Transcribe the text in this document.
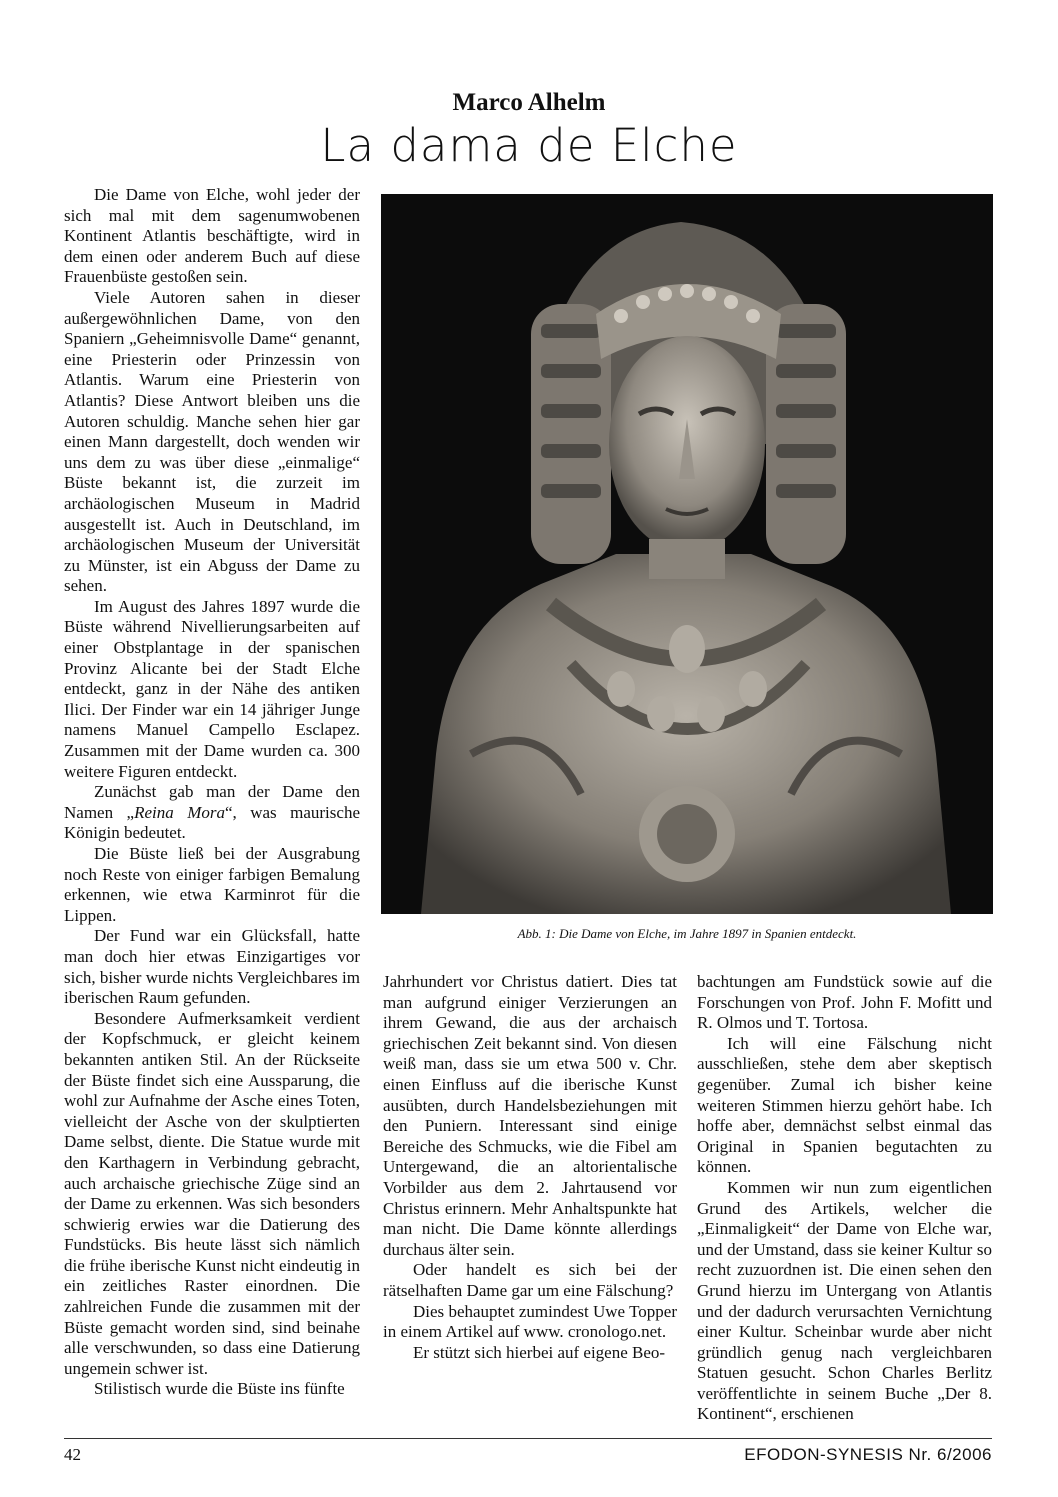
Marco Alhelm
La dama de Elche

Die Dame von Elche, wohl jeder der sich mal mit dem sagenumwobenen Kontinent Atlantis beschäftigte, wird in dem einen oder anderem Buch auf diese Frauenbüste gestoßen sein.

Viele Autoren sahen in dieser außergewöhnlichen Dame, von den Spaniern „Geheimnisvolle Dame“ genannt, eine Priesterin oder Prinzessin von Atlantis. Warum eine Priesterin von Atlantis? Diese Antwort bleiben uns die Autoren schuldig. Manche sehen hier gar einen Mann dargestellt, doch wenden wir uns dem zu was über diese „einmalige“ Büste bekannt ist, die zurzeit im archäologischen Museum in Madrid ausgestellt ist. Auch in Deutschland, im archäologischen Museum der Universität zu Münster, ist ein Abguss der Dame zu sehen.

Im August des Jahres 1897 wurde die Büste während Nivellierungsarbeiten auf einer Obstplantage in der spanischen Provinz Alicante bei der Stadt Elche entdeckt, ganz in der Nähe des antiken Ilici. Der Finder war ein 14 jähriger Junge namens Manuel Campello Esclapez. Zusammen mit der Dame wurden ca. 300 weitere Figuren entdeckt.

Zunächst gab man der Dame den Namen „Reina Mora“, was maurische Königin bedeutet.

Die Büste ließ bei der Ausgrabung noch Reste von einiger farbigen Bemalung erkennen, wie etwa Karminrot für die Lippen.

Der Fund war ein Glücksfall, hatte man doch hier etwas Einzigartiges vor sich, bisher wurde nichts Vergleichbares im iberischen Raum gefunden.

Besondere Aufmerksamkeit verdient der Kopfschmuck, er gleicht keinem bekannten antiken Stil. An der Rückseite der Büste findet sich eine Aussparung, die wohl zur Aufnahme der Asche eines Toten, vielleicht der Asche von der skulptierten Dame selbst, diente. Die Statue wurde mit den Karthagern in Verbindung gebracht, auch archaische griechische Züge sind an der Dame zu erkennen. Was sich besonders schwierig erwies war die Datierung des Fundstücks. Bis heute lässt sich nämlich die frühe iberische Kunst nicht eindeutig in ein zeitliches Raster einordnen. Die zahlreichen Funde die zusammen mit der Büste gemacht worden sind, sind beinahe alle verschwunden, so dass eine Datierung ungemein schwer ist.

Stilistisch wurde die Büste ins fünfte

Abb. 1: Die Dame von Elche, im Jahre 1897 in Spanien entdeckt.

Jahrhundert vor Christus datiert. Dies tat man aufgrund einiger Verzierungen an ihrem Gewand, die aus der archaisch griechischen Zeit bekannt sind. Von diesen weiß man, dass sie um etwa 500 v. Chr. einen Einfluss auf die iberische Kunst ausübten, durch Handelsbeziehungen mit den Puniern. Interessant sind einige Bereiche des Schmucks, wie die Fibel am Untergewand, die an altorientalische Vorbilder aus dem 2. Jahrtausend vor Christus erinnern. Mehr Anhaltspunkte hat man nicht. Die Dame könnte allerdings durchaus älter sein.

Oder handelt es sich bei der rätselhaften Dame gar um eine Fälschung?

Dies behauptet zumindest Uwe Topper in einem Artikel auf www. cronologo.net.

Er stützt sich hierbei auf eigene Beo-

bachtungen am Fundstück sowie auf die Forschungen von Prof. John F. Mofitt und R. Olmos und T. Tortosa.

Ich will eine Fälschung nicht ausschließen, stehe dem aber skeptisch gegenüber. Zumal ich bisher keine weiteren Stimmen hierzu gehört habe. Ich hoffe aber, demnächst selbst einmal das Original in Spanien begutachten zu können.

Kommen wir nun zum eigentlichen Grund des Artikels, welcher die „Einmaligkeit“ der Dame von Elche war, und der Umstand, dass sie keiner Kultur so recht zuzuordnen ist. Die einen sehen den Grund hierzu im Untergang von Atlantis und der dadurch verursachten Vernichtung einer Kultur. Scheinbar wurde aber nicht gründlich genug nach vergleichbaren Statuen gesucht. Schon Charles Berlitz veröffentlichte in seinem Buche „Der 8. Kontinent“, erschienen

42	EFODON-SYNESIS Nr. 6/2006
